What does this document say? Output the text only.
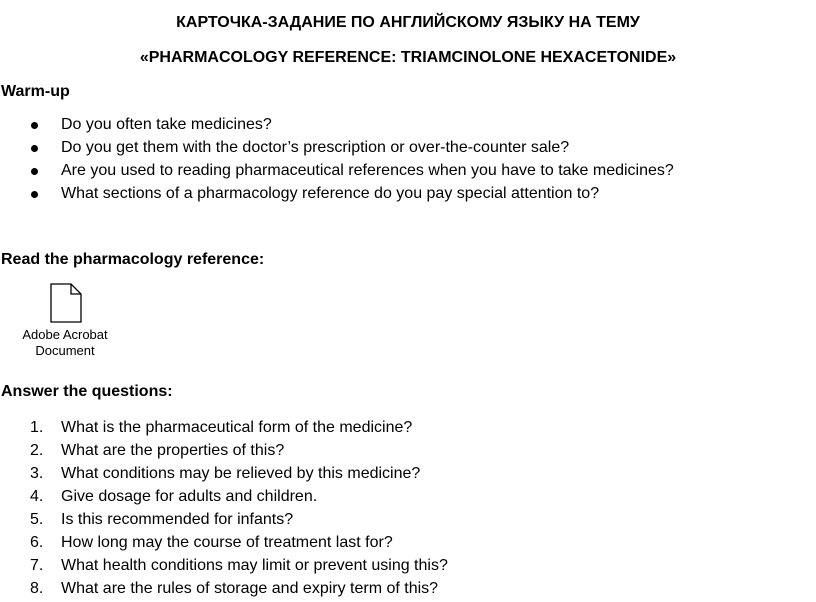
КАРТОЧКА-ЗАДАНИЕ ПО АНГЛИЙСКОМУ ЯЗЫКУ НА ТЕМУ
«PHARMACOLOGY REFERENCE: TRIAMCINOLONE HEXACETONIDE»
Warm-up
Do you often take medicines?
Do you get them with the doctor’s prescription or over-the-counter sale?
Are you used to reading pharmaceutical references when you have to take medicines?
What sections of a pharmacology reference do you pay special attention to?
Read the pharmacology reference:
Adobe Acrobat
Document
Answer the questions:
1.	What is the pharmaceutical form of the medicine?
2.	What are the properties of this?
3.	What conditions may be relieved by this medicine?
4.	Give dosage for adults and children.
5.	Is this recommended for infants?
6.	How long may the course of treatment last for?
7.	What health conditions may limit or prevent using this?
8.	What are the rules of storage and expiry term of this?
